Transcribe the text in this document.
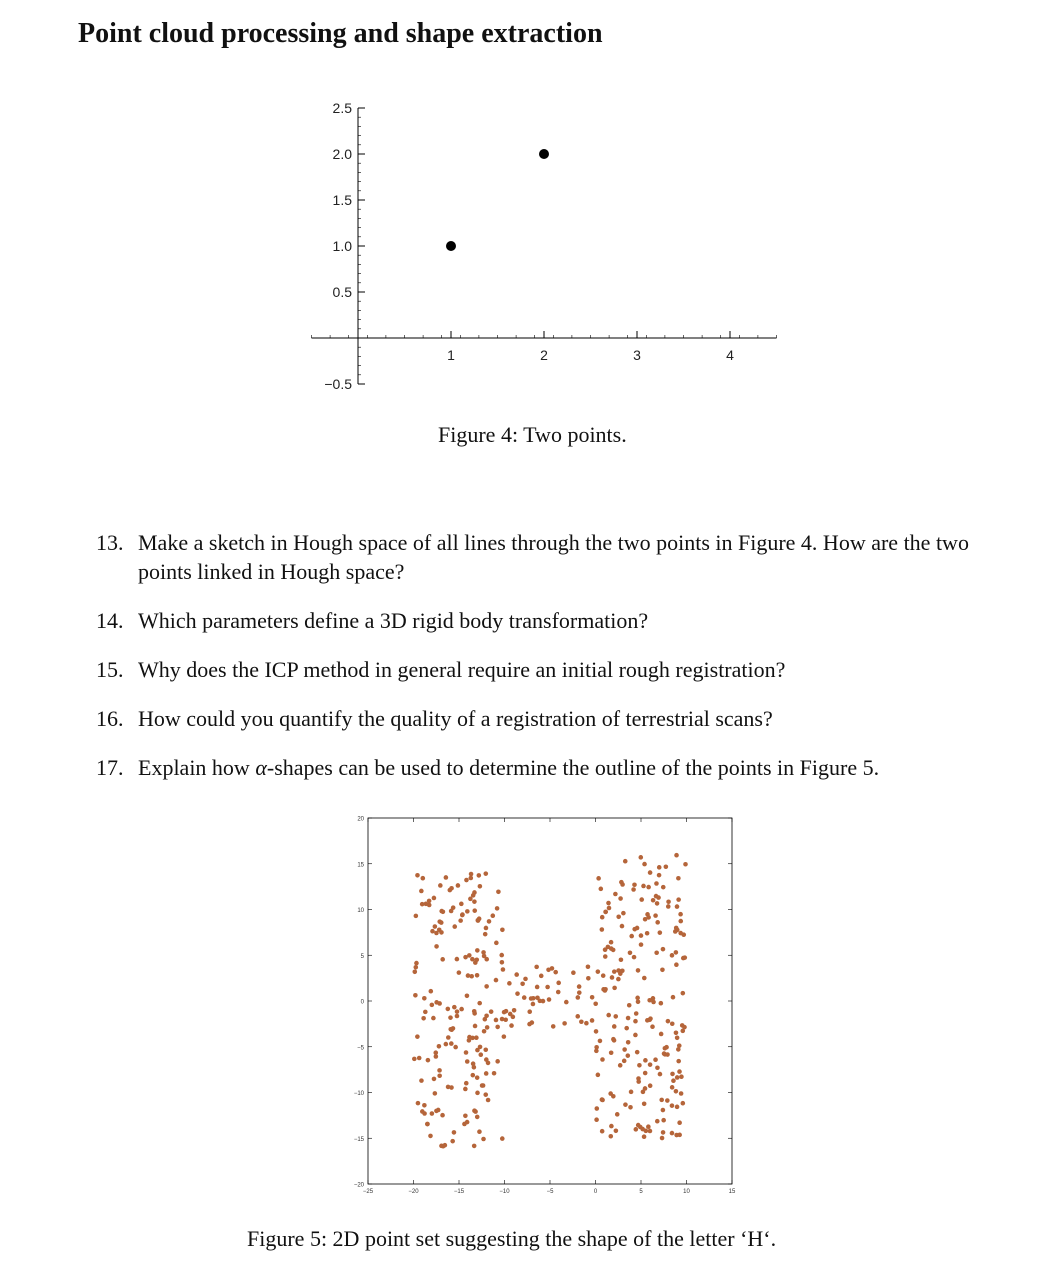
Point cloud processing and shape extraction
−0.5
0.5
1.0
1.5
2.0
2.5
1	2	3	4

Figure 4: Two points.

13. Make a sketch in Hough space of all lines through the two points in Figure 4. How are the two points linked in Hough space?
14. Which parameters define a 3D rigid body transformation?
15. Why does the ICP method in general require an initial rough registration?
16. How could you quantify the quality of a registration of terrestrial scans?
17. Explain how α-shapes can be used to determine the outline of the points in Figure 5.
−20
−15
−10
−5
0
5
10
15
20
−25	−20	−15	−10	−5	0	5	10	15

Figure 5: 2D point set suggesting the shape of the letter ‘H‘.
